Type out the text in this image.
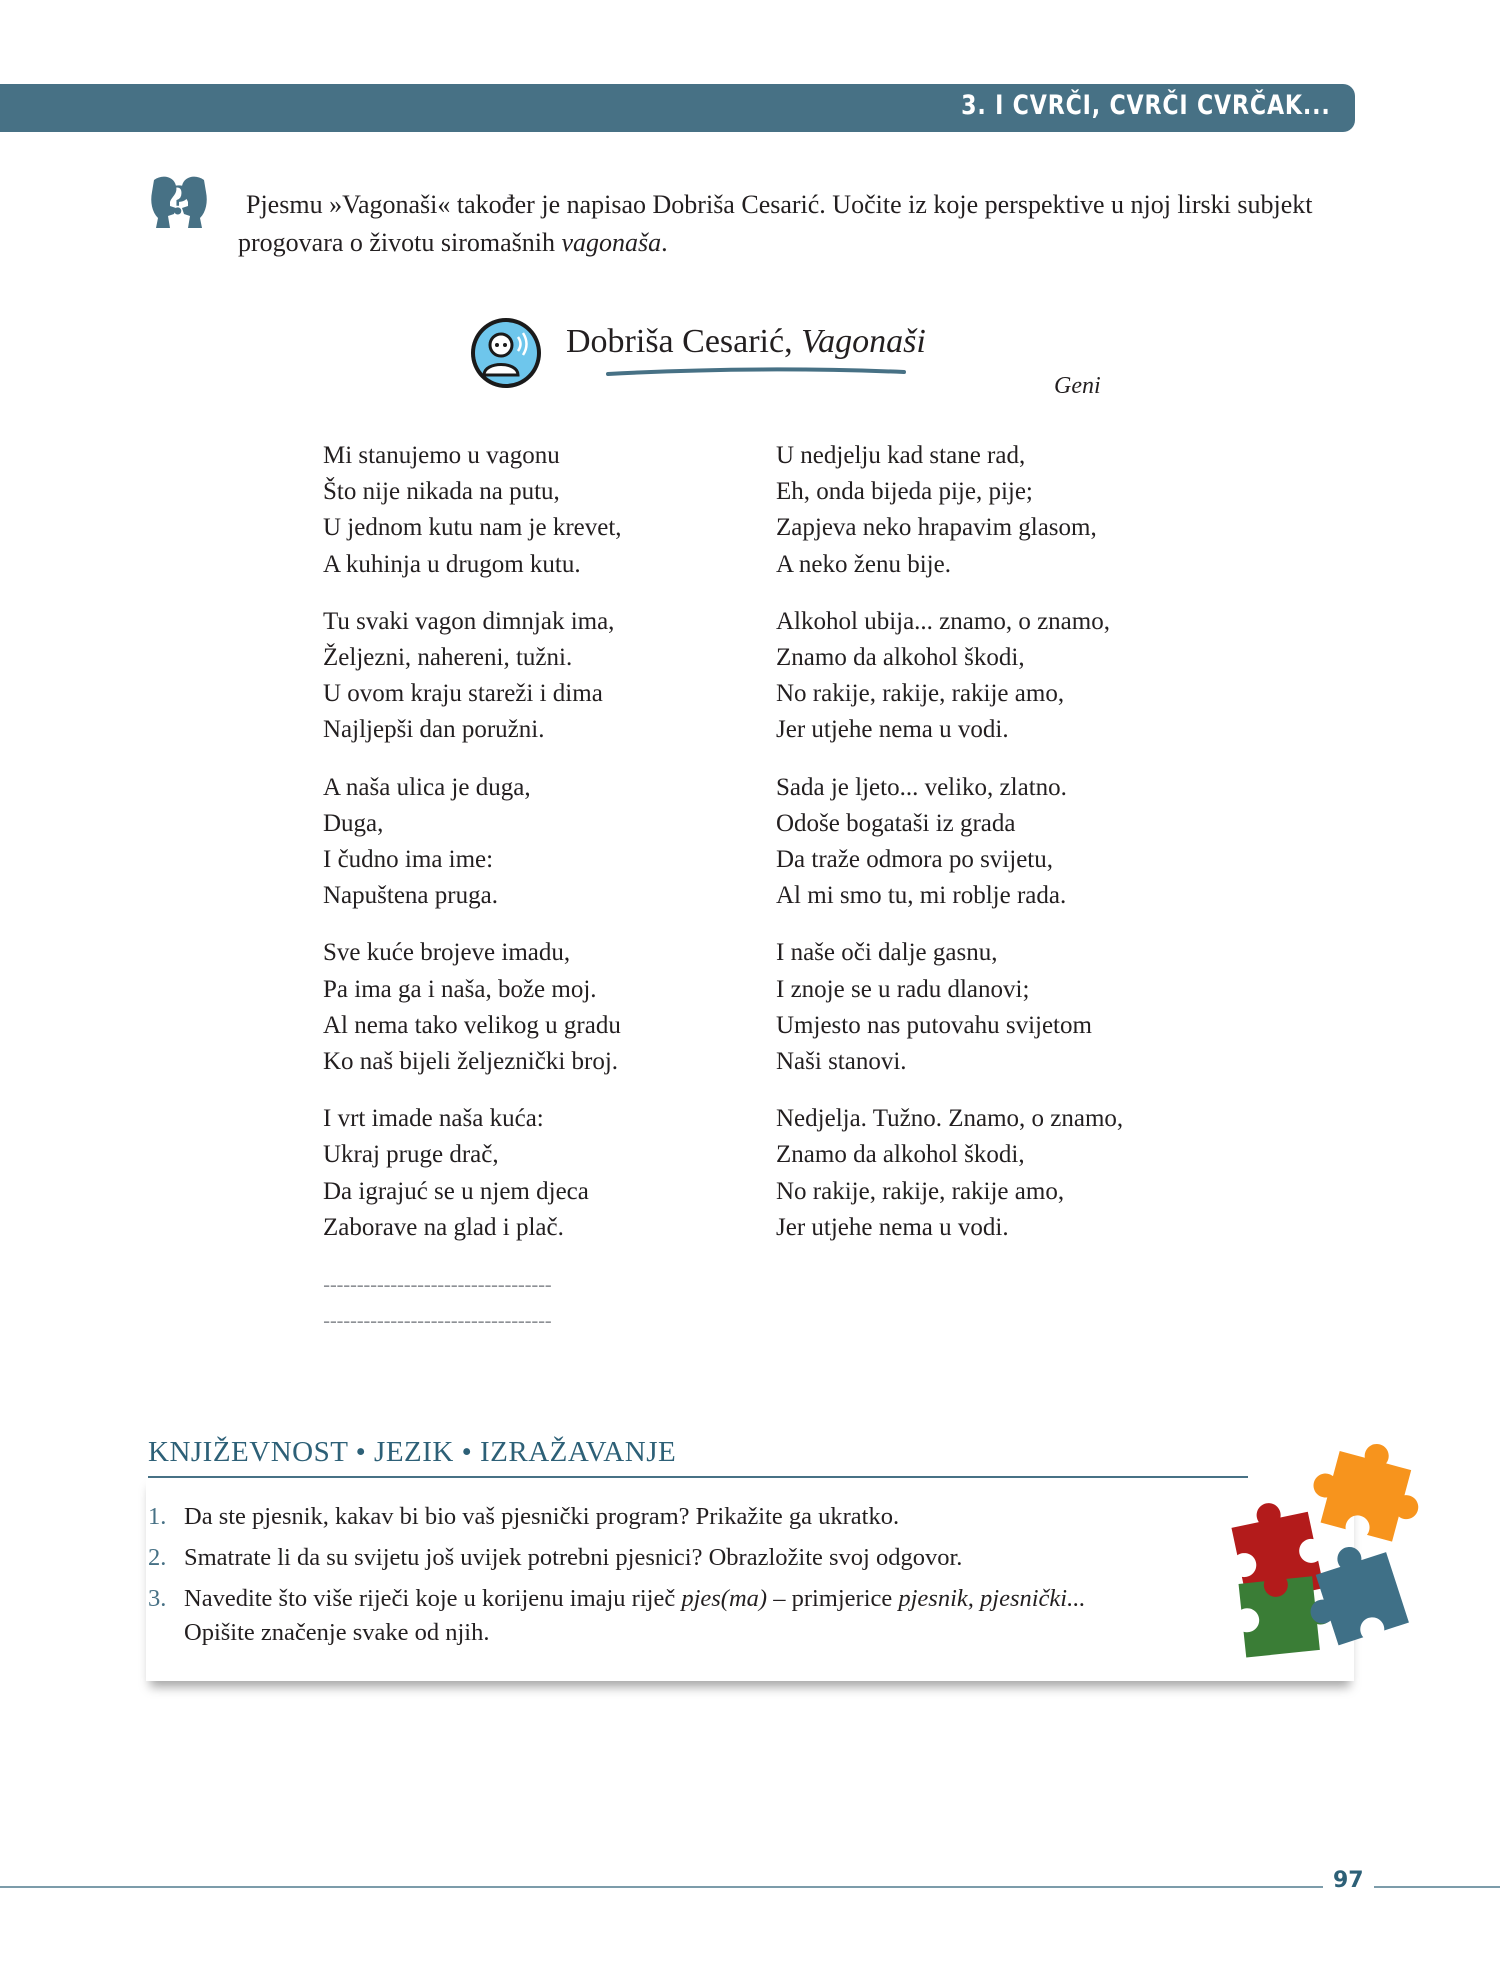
3. I CVRČI, CVRČI CVRČAK...
?	Pjesmu »Vagonaši« također je napisao Dobriša Cesarić. Uočite iz koje perspektive u njoj lirski subjekt progovara o životu siromašnih vagonaša.
Dobriša Cesarić, Vagonaši
Geni
Mi stanujemo u vagonu
Što nije nikada na putu,
U jednom kutu nam je krevet,
A kuhinja u drugom kutu.
Tu svaki vagon dimnjak ima,
Željezni, nahereni, tužni.
U ovom kraju stareži i dima
Najljepši dan poružni.
A naša ulica je duga,
Duga,
I čudno ima ime:
Napuštena pruga.
Sve kuće brojeve imadu,
Pa ima ga i naša, bože moj.
Al nema tako velikog u gradu
Ko naš bijeli željeznički broj.
I vrt imade naša kuća:
Ukraj pruge drač,
Da igrajuć se u njem djeca
Zaborave na glad i plač.
----------------------------------
----------------------------------
U nedjelju kad stane rad,
Eh, onda bijeda pije, pije;
Zapjeva neko hrapavim glasom,
A neko ženu bije.
Alkohol ubija... znamo, o znamo,
Znamo da alkohol škodi,
No rakije, rakije, rakije amo,
Jer utjehe nema u vodi.
Sada je ljeto... veliko, zlatno.
Odoše bogataši iz grada
Da traže odmora po svijetu,
Al mi smo tu, mi roblje rada.
I naše oči dalje gasnu,
I znoje se u radu dlanovi;
Umjesto nas putovahu svijetom
Naši stanovi.
Nedjelja. Tužno. Znamo, o znamo,
Znamo da alkohol škodi,
No rakije, rakije, rakije amo,
Jer utjehe nema u vodi.
KNJIŽEVNOST • JEZIK • IZRAŽAVANJE
1. Da ste pjesnik, kakav bi bio vaš pjesnički program? Prikažite ga ukratko.
2. Smatrate li da su svijetu još uvijek potrebni pjesnici? Obrazložite svoj odgovor.
3. Navedite što više riječi koje u korijenu imaju riječ pjes(ma) – primjerice pjesnik, pjesnički...
Opišite značenje svake od njih.
97
